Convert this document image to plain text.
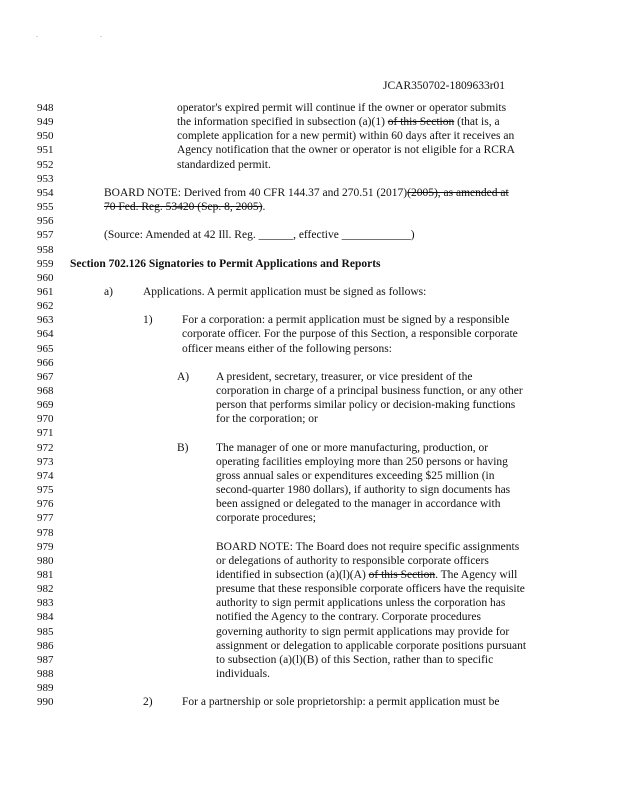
. .
JCAR350702-1809633r01
948	operator's expired permit will continue if the owner or operator submits
949	the information specified in subsection (a)(1) of this Section (that is, a
950	complete application for a new permit) within 60 days after it receives an
951	Agency notification that the owner or operator is not eligible for a RCRA
952	standardized permit.
953
954	BOARD NOTE: Derived from 40 CFR 144.37 and 270.51 (2017)(2005), as amended at
955	70 Fed. Reg. 53420 (Sep. 8, 2005).
956
957	(Source: Amended at 42 Ill. Reg. ______, effective ____________)
958
959	Section 702.126 Signatories to Permit Applications and Reports
960
961	a)	Applications. A permit application must be signed as follows:
962
963	1)	For a corporation: a permit application must be signed by a responsible
964	corporate officer. For the purpose of this Section, a responsible corporate
965	officer means either of the following persons:
966
967	A) A president, secretary, treasurer, or vice president of the
968	corporation in charge of a principal business function, or any other
969	person that performs similar policy or decision-making functions
970	for the corporation; or
971
972	B) The manager of one or more manufacturing, production, or
973	operating facilities employing more than 250 persons or having
974	gross annual sales or expenditures exceeding $25 million (in
975	second-quarter 1980 dollars), if authority to sign documents has
976	been assigned or delegated to the manager in accordance with
977	corporate procedures;
978
979	BOARD NOTE: The Board does not require specific assignments
980	or delegations of authority to responsible corporate officers
981	identified in subsection (a)(l)(A) of this Section. The Agency will
982	presume that these responsible corporate officers have the requisite
983	authority to sign permit applications unless the corporation has
984	notified the Agency to the contrary. Corporate procedures
985	governing authority to sign permit applications may provide for
986	assignment or delegation to applicable corporate positions pursuant
987	to subsection (a)(l)(B) of this Section, rather than to specific
988	individuals.
989
990	2)	For a partnership or sole proprietorship: a permit application must be
